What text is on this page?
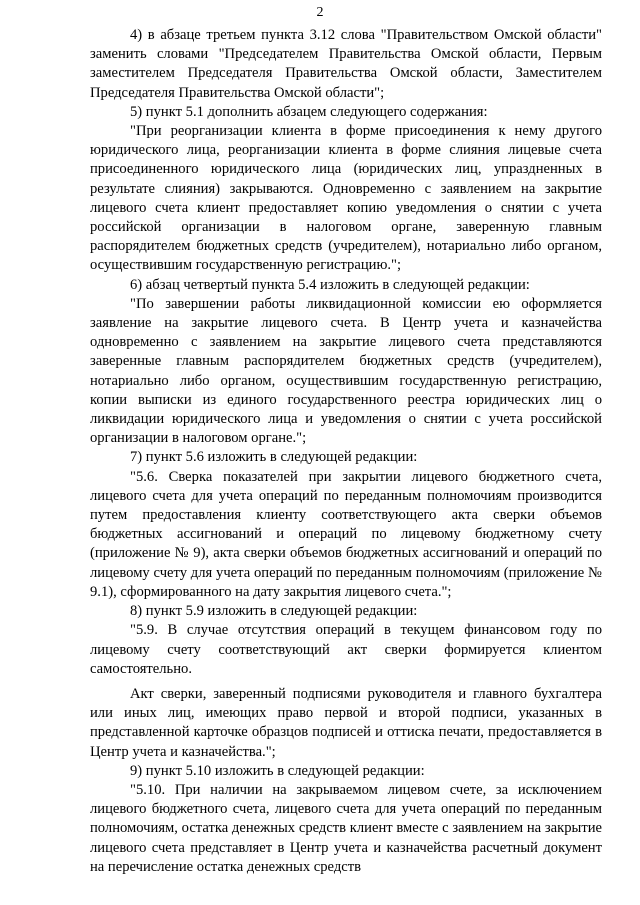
2

4) в абзаце третьем пункта 3.12 слова "Правительством Омской области" заменить словами "Председателем Правительства Омской области, Первым заместителем Председателя Правительства Омской области, Заместителем Председателя Правительства Омской области";

5) пункт 5.1 дополнить абзацем следующего содержания:

"При реорганизации клиента в форме присоединения к нему другого юридического лица, реорганизации клиента в форме слияния лицевые счета присоединенного юридического лица (юридических лиц, упраздненных в результате слияния) закрываются. Одновременно с заявлением на закрытие лицевого счета клиент предоставляет копию уведомления о снятии с учета российской организации в налоговом органе, заверенную главным распорядителем бюджетных средств (учредителем), нотариально либо органом, осуществившим государственную регистрацию.";

6) абзац четвертый пункта 5.4 изложить в следующей редакции:

"По завершении работы ликвидационной комиссии ею оформляется заявление на закрытие лицевого счета. В Центр учета и казначейства одновременно с заявлением на закрытие лицевого счета представляются заверенные главным распорядителем бюджетных средств (учредителем), нотариально либо органом, осуществившим государственную регистрацию, копии выписки из единого государственного реестра юридических лиц о ликвидации юридического лица и уведомления о снятии с учета российской организации в налоговом органе.";

7) пункт 5.6 изложить в следующей редакции:

"5.6. Сверка показателей при закрытии лицевого бюджетного счета, лицевого счета для учета операций по переданным полномочиям производится путем предоставления клиенту соответствующего акта сверки объемов бюджетных ассигнований и операций по лицевому бюджетному счету (приложение № 9), акта сверки объемов бюджетных ассигнований и операций по лицевому счету для учета операций по переданным полномочиям (приложение № 9.1), сформированного на дату закрытия лицевого счета.";

8) пункт 5.9 изложить в следующей редакции:

"5.9. В случае отсутствия операций в текущем финансовом году по лицевому счету соответствующий акт сверки формируется клиентом самостоятельно.

Акт сверки, заверенный подписями руководителя и главного бухгалтера или иных лиц, имеющих право первой и второй подписи, указанных в представленной карточке образцов подписей и оттиска печати, предоставляется в Центр учета и казначейства.";

9) пункт 5.10 изложить в следующей редакции:

"5.10. При наличии на закрываемом лицевом счете, за исключением лицевого бюджетного счета, лицевого счета для учета операций по переданным полномочиям, остатка денежных средств клиент вместе с заявлением на закрытие лицевого счета представляет в Центр учета и казначейства расчетный документ на перечисление остатка денежных средств
